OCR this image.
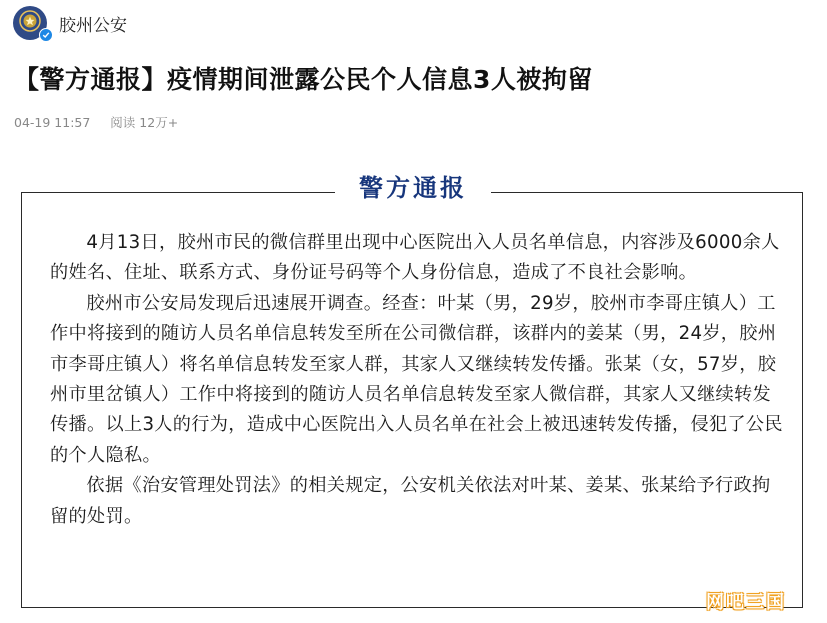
胶州公安
【警方通报】疫情期间泄露公民个人信息3人被拘留
04-19 11:57 阅读 12万+
警方通报

4月13日，胶州市民的微信群里出现中心医院出入人员名单信息，内容涉及6000余人的姓名、住址、联系方式、身份证号码等个人身份信息，造成了不良社会影响。

胶州市公安局发现后迅速展开调查。经查：叶某（男，29岁，胶州市李哥庄镇人）工作中将接到的随访人员名单信息转发至所在公司微信群，该群内的姜某（男，24岁，胶州市李哥庄镇人）将名单信息转发至家人群，其家人又继续转发传播。张某（女，57岁，胶州市里岔镇人）工作中将接到的随访人员名单信息转发至家人微信群，其家人又继续转发传播。以上3人的行为，造成中心医院出入人员名单在社会上被迅速转发传播，侵犯了公民的个人隐私。

依据《治安管理处罚法》的相关规定，公安机关依法对叶某、姜某、张某给予行政拘留的处罚。

网吧三国
